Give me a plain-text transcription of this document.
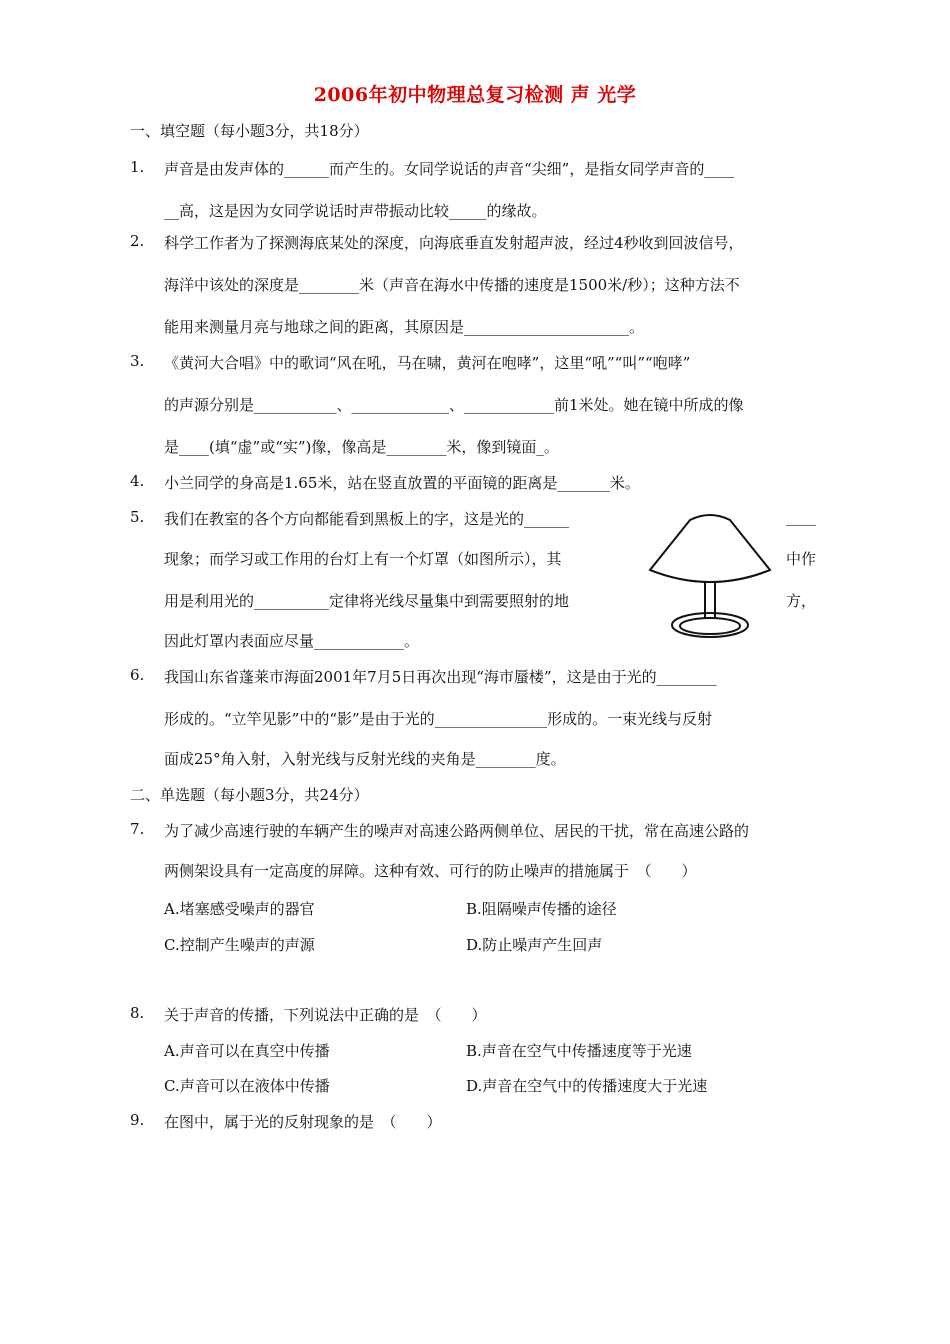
2006年初中物理总复习检测 声 光学
一、填空题（每小题3分，共18分）
1. 声音是由发声体的______而产生的。女同学说话的声音“尖细”，是指女同学声音的____
__高，这是因为女同学说话时声带振动比较_____的缘故。
2. 科学工作者为了探测海底某处的深度，向海底垂直发射超声波，经过4秒收到回波信号，
海洋中该处的深度是________米（声音在海水中传播的速度是1500米/秒）；这种方法不
能用来测量月亮与地球之间的距离，其原因是______________________。
3. 《黄河大合唱》中的歌词“风在吼，马在啸，黄河在咆哮”，这里“吼”“叫”“咆哮”
的声源分别是___________、_____________、____________前1米处。她在镜中所成的像
是____(填“虚”或“实”)像，像高是________米，像到镜面_。
4. 小兰同学的身高是1.65米，站在竖直放置的平面镜的距离是_______米。
5. 我们在教室的各个方向都能看到黑板上的字，这是光的______	____
现象；而学习或工作用的台灯上有一个灯罩（如图所示），其	中作
用是利用光的__________定律将光线尽量集中到需要照射的地	方，
因此灯罩内表面应尽量____________。
6. 我国山东省蓬莱市海面2001年7月5日再次出现“海市蜃楼”，这是由于光的________
形成的。“立竿见影”中的“影”是由于光的_______________形成的。一束光线与反射
面成25°角入射，入射光线与反射光线的夹角是________度。
二、单选题（每小题3分，共24分）
7. 为了减少高速行驶的车辆产生的噪声对高速公路两侧单位、居民的干扰，常在高速公路的
两侧架设具有一定高度的屏障。这种有效、可行的防止噪声的措施属于　（　　）
A.堵塞感受噪声的器官	B.阻隔噪声传播的途径
C.控制产生噪声的声源	D.防止噪声产生回声
8. 关于声音的传播，下列说法中正确的是　（　　）
A.声音可以在真空中传播	B.声音在空气中传播速度等于光速
C.声音可以在液体中传播	D.声音在空气中的传播速度大于光速
9. 在图中，属于光的反射现象的是　（　　）
